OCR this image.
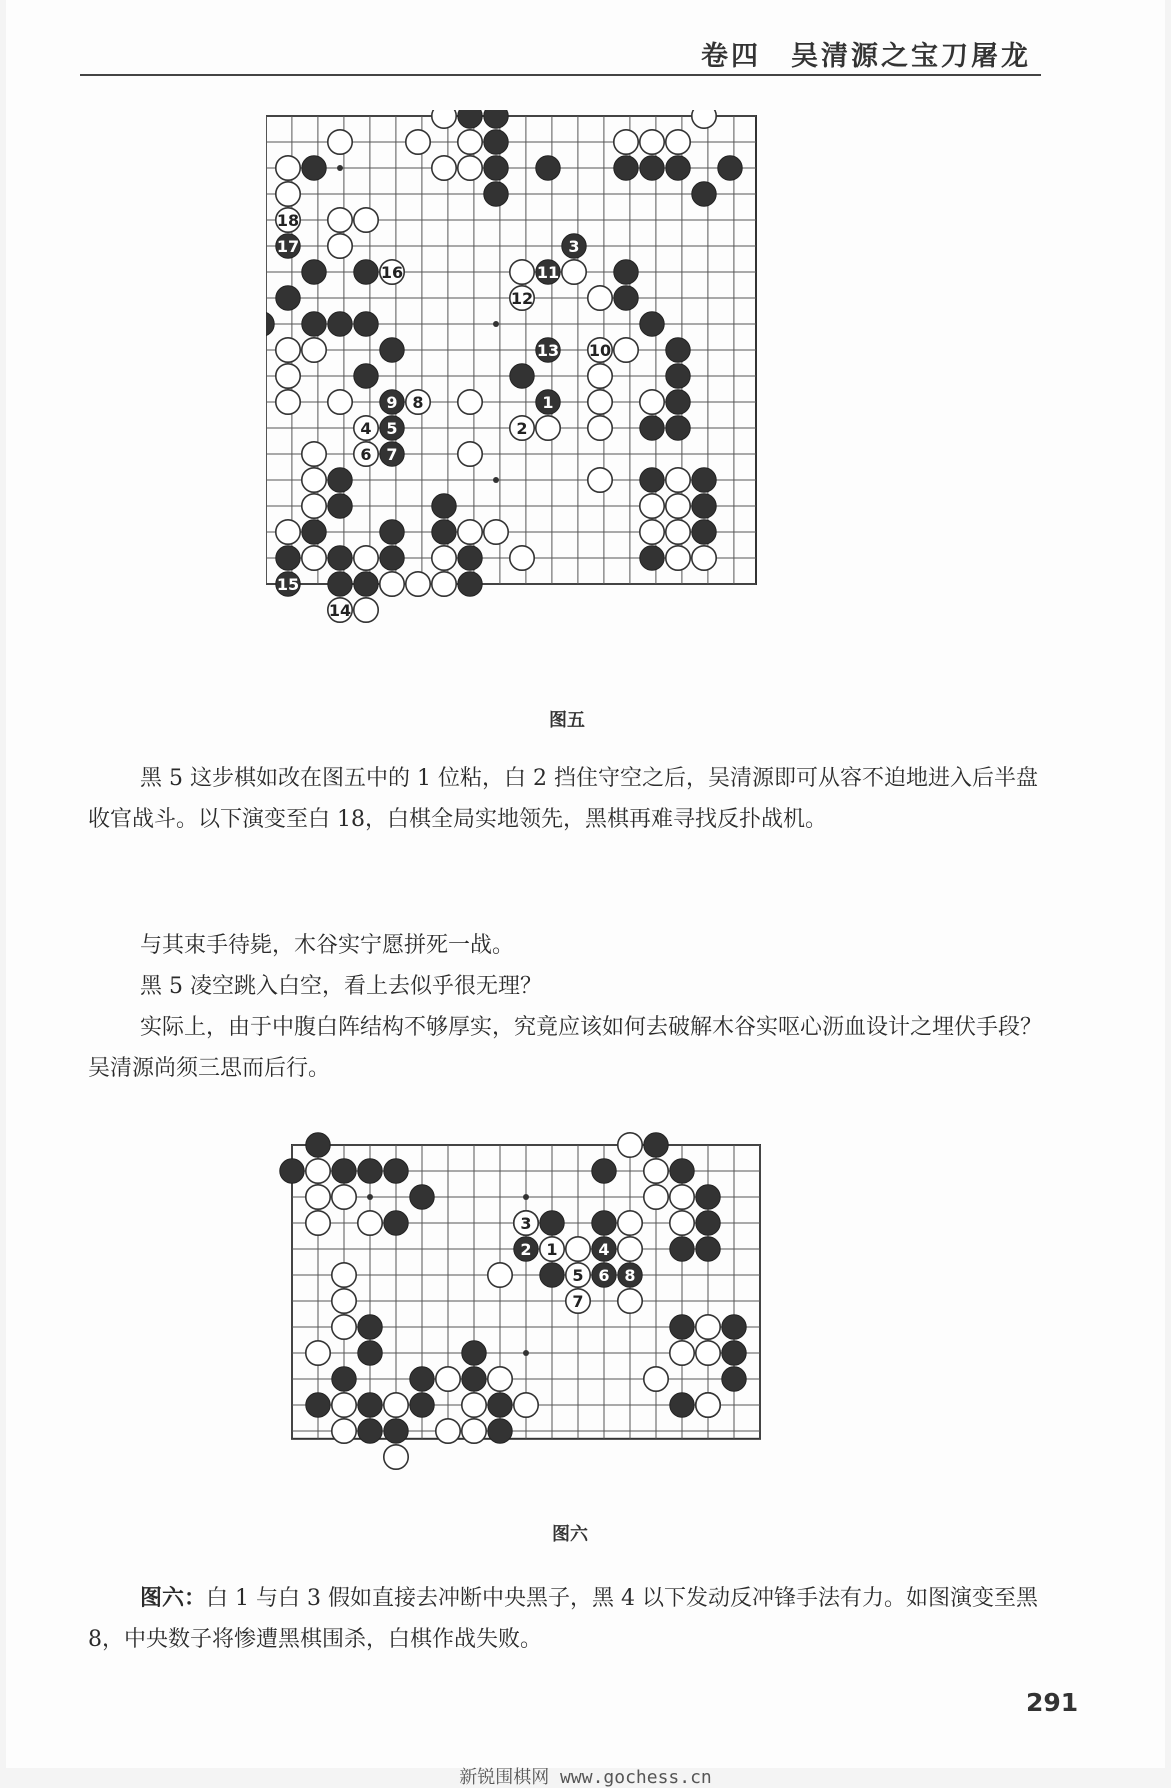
卷四　吴清源之宝刀屠龙
1
2
3
4 5
6 7
8
9
10
11
12
13
14
15
16
17
18
图五

黑 5 这步棋如改在图五中的 1 位粘，白 2 挡住守空之后，吴清源即可从容不迫地进入后半盘收官战斗。以下演变至白 18，白棋全局实地领先，黑棋再难寻找反扑战机。

与其束手待毙，木谷实宁愿拼死一战。

黑 5 凌空跳入白空，看上去似乎很无理？

实际上，由于中腹白阵结构不够厚实，究竟应该如何去破解木谷实呕心沥血设计之埋伏手段？吴清源尚须三思而后行。

1
2
3
4
5 6
7
8
图六

图六：白 1 与白 3 假如直接去冲断中央黑子，黑 4 以下发动反冲锋手法有力。如图演变至黑 8，中央数子将惨遭黑棋围杀，白棋作战失败。

291
新锐围棋网 www.gochess.cn
